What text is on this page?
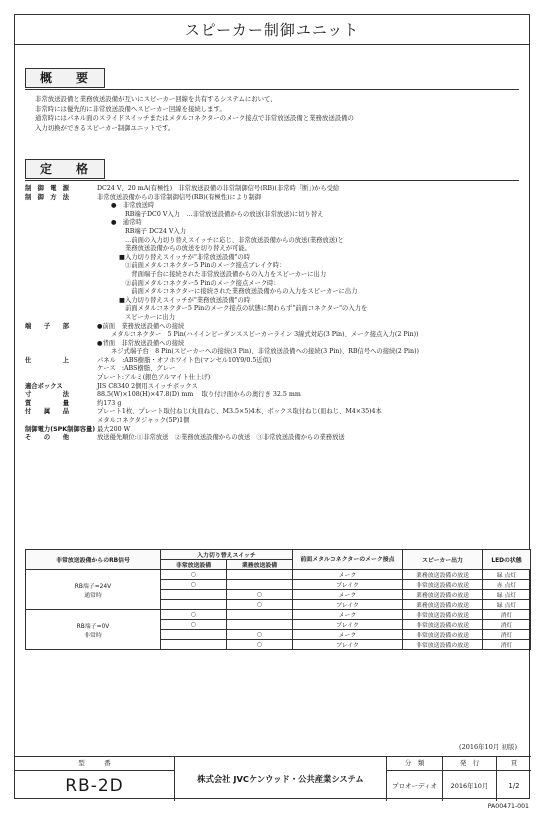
スピーカー制御ユニット
概　要
非常放送設備と業務放送設備が互いにスピーカー回線を共有するシステムにおいて、
非常時には優先的に非常放送設備へスピーカー回線を接続します。
通常時にはパネル面のスライドスイッチまたはメタルコネクターのメーク接点で非常放送設備と業務放送設備の
入力切換ができるスピーカー制御ユニットです。
定　格
制　御　電　源	DC24 V、20 mA(有極性)　非常放送設備の非常制御信号(RB)(非常時「断」)から受給
制　御　方　法	非常放送設備からの非常制御信号(RB)(有極性)により制御
●　非常放送時
RB端子DC0 V入力　…非常放送設備からの放送(非常放送)に切り替え
●　通常時
RB端子 DC24 V入力
…前面の入力切り替えスイッチに応じ、非常放送設備からの放送(業務放送)と
業務放送設備からの放送を切り替えが可能。
■入力切り替えスイッチが"非常放送設備"の時
①前面メタルコネクター5 Pinのメーク接点ブレイク時：
　背面端子台に接続された非常放送設備からの入力をスピーカーに出力
②前面メタルコネクター5 Pinのメーク接点メーク時：
　前面メタルコネクターに接続された業務放送設備からの入力をスピーカーに出力
■入力切り替えスイッチが"業務放送設備"の時
前面メタルコネクター5 Pinのメーク接点の状態に関わらず"前面コネクター"の入力を
スピーカーに出力
端　　子　　部	●前面　業務放送設備への接続
メタルコネクター　5 Pin(ハイインピーダンススピーカーライン 3線式対応(3 Pin)、メーク接点入力(2 Pin))
●背面　非常放送設備への接続
ネジ式端子台　8 Pin(スピーカーへの接続(3 Pin)、非常放送設備への接続(3 Pin)、RB信号への接続(2 Pin))
仕　　　　　上	パネル　:ABS樹脂・オフホワイト色(マンセル10Y9/0.5近似)
ケース　:ABS樹脂、グレー
プレート:アルミ(銀色アルマイト仕上げ)
適合ボックス	JIS C8340 2個用スイッチボックス
寸　　　　　法	88.5(W)×108(H)×47.8(D) mm　 取り付け面からの奥行き 32.5 mm
質　　　　　量	約173 g
付　　属　　品	プレート1枚、プレート取付ねじ(丸皿ねじ、M3.5×5)4本、ボックス取付ねじ(皿ねじ、M4×35)4本
メタルコネクタジャック(5P)1個
制御電力(SPK制御容量) 最大200 W
そ　　の　　他	放送優先順位:①非常放送　②業務放送設備からの放送　③非常放送設備からの業務放送
非常放送設備からのRB信号	入力切り替えスイッチ		前面メタルコネクターのメーク接点	スピーカー出力	LEDの状態
	非常放送設備	業務放送設備			

RB端子=24V
通常時	○		メーク	業務放送設備の放送	緑 点灯
	○		ブレイク	非常放送設備の放送	赤 点灯
		○	メーク	業務放送設備の放送	緑 点灯
		○	ブレイク	業務放送設備の放送	緑 点灯

RB端子=0V
非常時	○		メーク	非常放送設備の放送	消灯
	○		ブレイク	非常放送設備の放送	消灯
		○	メーク	非常放送設備の放送	消灯
		○	ブレイク	非常放送設備の放送	消灯
(2016年10月 初版)
型　　　番
RB-2D	株式会社 JVCケンウッド・公共産業システム
分　類
プロオーディオ
発　行
2016年10月
頁
1/2
PA00471-001
